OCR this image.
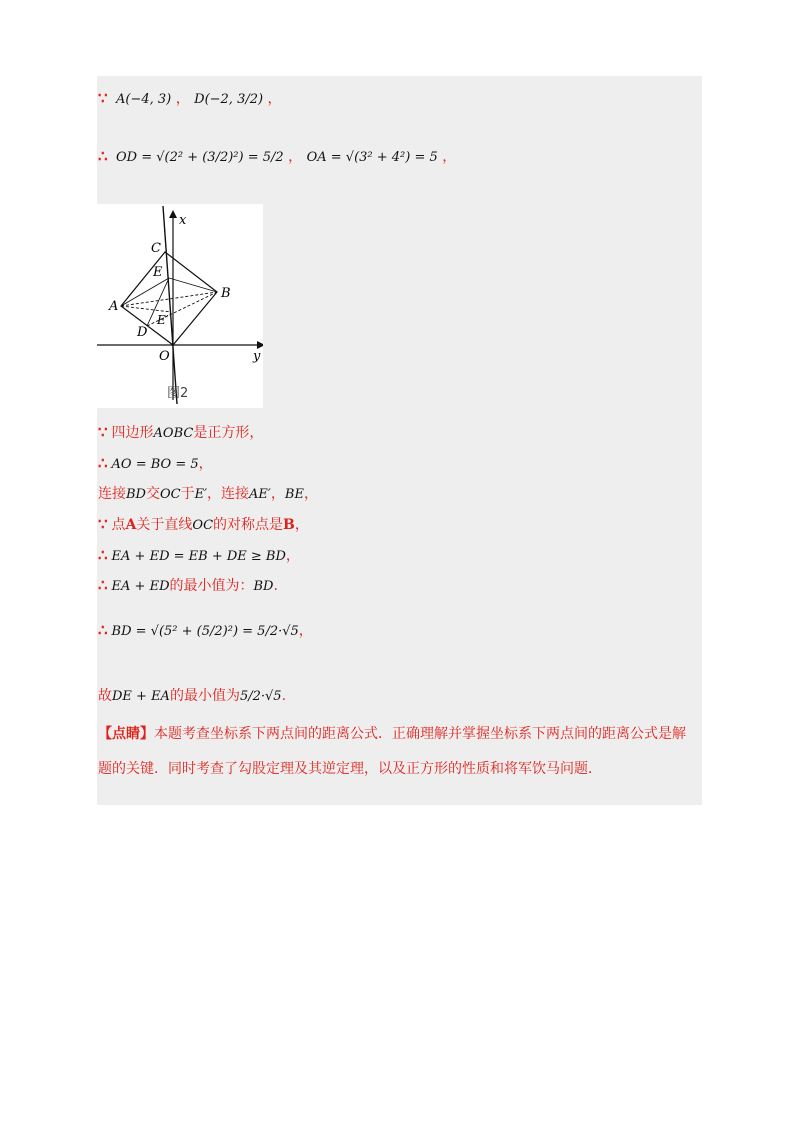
∵ A(−4, 3) ， D(−2, 3/2) ，
∴ OD = √(2² + (3/2)²) = 5/2 ， OA = √(3² + 4²) = 5 ，
x
y
C
E
A
B
D
E′
O
图2
∵ 四边形AOBC是正方形，
∴ AO = BO = 5，
连接BD交OC于E′，连接AE′，BE，
∵ 点A关于直线OC的对称点是B，
∴ EA + ED = EB + DE ≥ BD，
∴ EA + ED的最小值为：BD.
∴ BD = √(5² + (5/2)²) = 5/2·√5，
故DE + EA的最小值为5/2·√5.
【点睛】本题考查坐标系下两点间的距离公式．正确理解并掌握坐标系下两点间的距离公式是解
题的关键．同时考查了勾股定理及其逆定理，以及正方形的性质和将军饮马问题．
